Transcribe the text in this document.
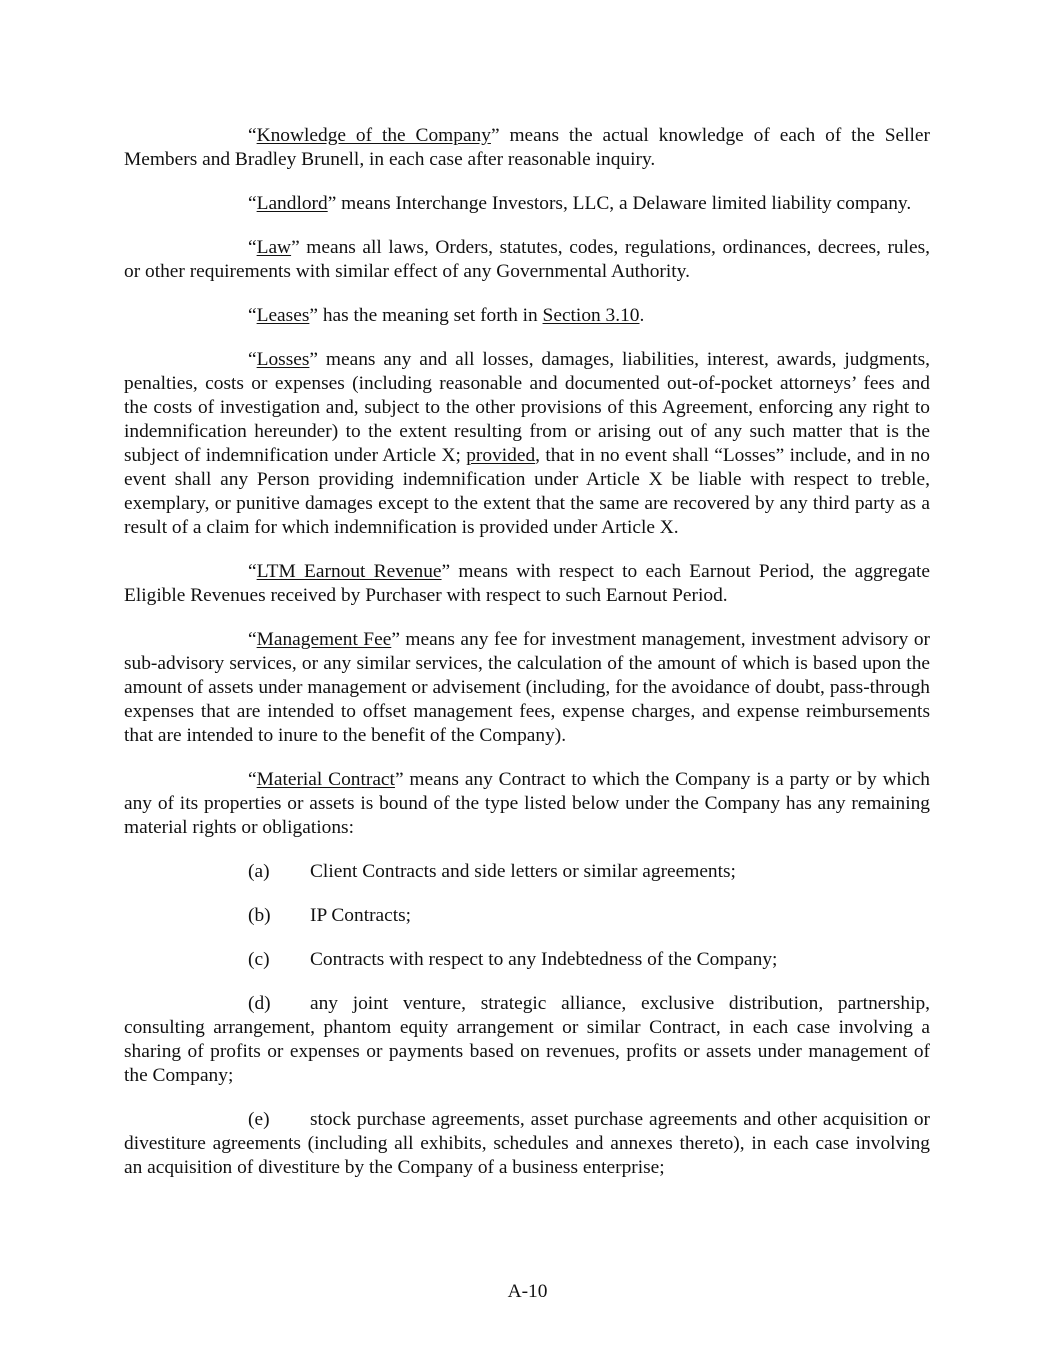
“Knowledge of the Company” means the actual knowledge of each of the Seller Members and Bradley Brunell, in each case after reasonable inquiry.

“Landlord” means Interchange Investors, LLC, a Delaware limited liability company.

“Law” means all laws, Orders, statutes, codes, regulations, ordinances, decrees, rules, or other requirements with similar effect of any Governmental Authority.

“Leases” has the meaning set forth in Section 3.10.

“Losses” means any and all losses, damages, liabilities, interest, awards, judgments, penalties, costs or expenses (including reasonable and documented out-of-pocket attorneys’ fees and the costs of investigation and, subject to the other provisions of this Agreement, enforcing any right to indemnification hereunder) to the extent resulting from or arising out of any such matter that is the subject of indemnification under Article X; provided, that in no event shall “Losses” include, and in no event shall any Person providing indemnification under Article X be liable with respect to treble, exemplary, or punitive damages except to the extent that the same are recovered by any third party as a result of a claim for which indemnification is provided under Article X.

“LTM Earnout Revenue” means with respect to each Earnout Period, the aggregate Eligible Revenues received by Purchaser with respect to such Earnout Period.

“Management Fee” means any fee for investment management, investment advisory or sub-advisory services, or any similar services, the calculation of the amount of which is based upon the amount of assets under management or advisement (including, for the avoidance of doubt, pass-through expenses that are intended to offset management fees, expense charges, and expense reimbursements that are intended to inure to the benefit of the Company).

“Material Contract” means any Contract to which the Company is a party or by which any of its properties or assets is bound of the type listed below under the Company has any remaining material rights or obligations:

(a) Client Contracts and side letters or similar agreements;

(b) IP Contracts;

(c) Contracts with respect to any Indebtedness of the Company;

(d) any joint venture, strategic alliance, exclusive distribution, partnership, consulting arrangement, phantom equity arrangement or similar Contract, in each case involving a sharing of profits or expenses or payments based on revenues, profits or assets under management of the Company;

(e) stock purchase agreements, asset purchase agreements and other acquisition or divestiture agreements (including all exhibits, schedules and annexes thereto), in each case involving an acquisition of divestiture by the Company of a business enterprise;

A-10
